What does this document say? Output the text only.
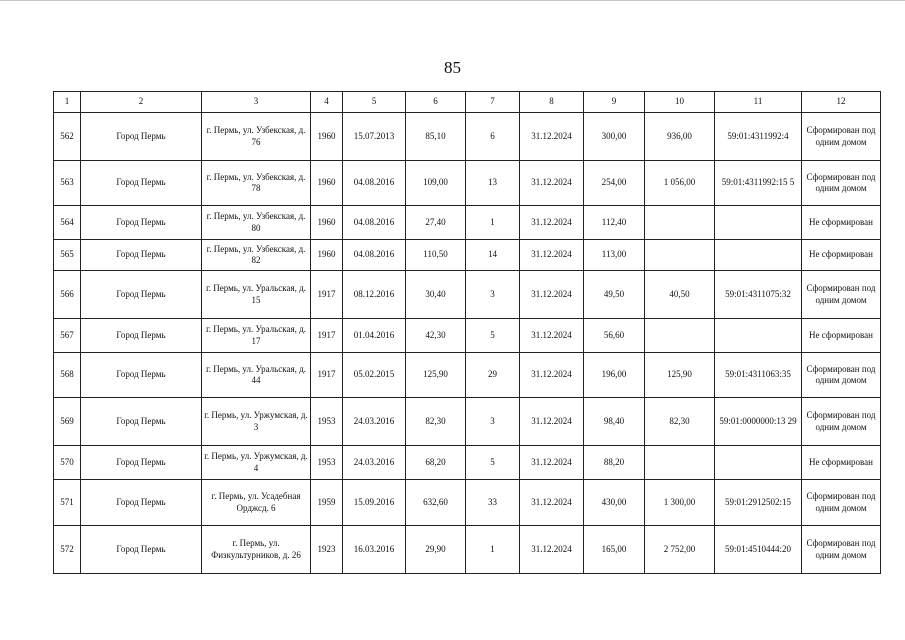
85
1	2	3	4	5	6	7	8	9	10	11	12
562	Город Пермь	г. Пермь, ул. Узбекская, д. 76	1960	15.07.2013	85,10	6	31.12.2024	300,00	936,00	59:01:4311992:4	Сформирован под одним домом
563	Город Пермь	г. Пермь, ул. Узбекская, д. 78	1960	04.08.2016	109,00	13	31.12.2024	254,00	1 056,00	59:01:4311992:15 5	Сформирован под одним домом
564	Город Пермь	г. Пермь, ул. Узбекская, д. 80	1960	04.08.2016	27,40	1	31.12.2024	112,40			Не сформирован
565	Город Пермь	г. Пермь, ул. Узбекская, д. 82	1960	04.08.2016	110,50	14	31.12.2024	113,00			Не сформирован
566	Город Пермь	г. Пермь, ул. Уральская, д. 15	1917	08.12.2016	30,40	3	31.12.2024	49,50	40,50	59:01:4311075:32	Сформирован под одним домом
567	Город Пермь	г. Пермь, ул. Уральская, д. 17	1917	01.04.2016	42,30	5	31.12.2024	56,60			Не сформирован
568	Город Пермь	г. Пермь, ул. Уральская, д. 44	1917	05.02.2015	125,90	29	31.12.2024	196,00	125,90	59:01:4311063:35	Сформирован под одним домом
569	Город Пермь	г. Пермь, ул. Уржумская, д. 3	1953	24.03.2016	82,30	3	31.12.2024	98,40	82,30	59:01:0000000:13 29	Сформирован под одним домом
570	Город Пермь	г. Пермь, ул. Уржумская, д. 4	1953	24.03.2016	68,20	5	31.12.2024	88,20			Не сформирован
571	Город Пермь	г. Пермь, ул. Усадебная Орджсд. 6	1959	15.09.2016	632,60	33	31.12.2024	430,00	1 300,00	59:01:2912502:15	Сформирован под одним домом
572	Город Пермь	г. Пермь, ул. Физкультурников, д. 26	1923	16.03.2016	29,90	1	31.12.2024	165,00	2 752,00	59:01:4510444:20	Сформирован под одним домом
